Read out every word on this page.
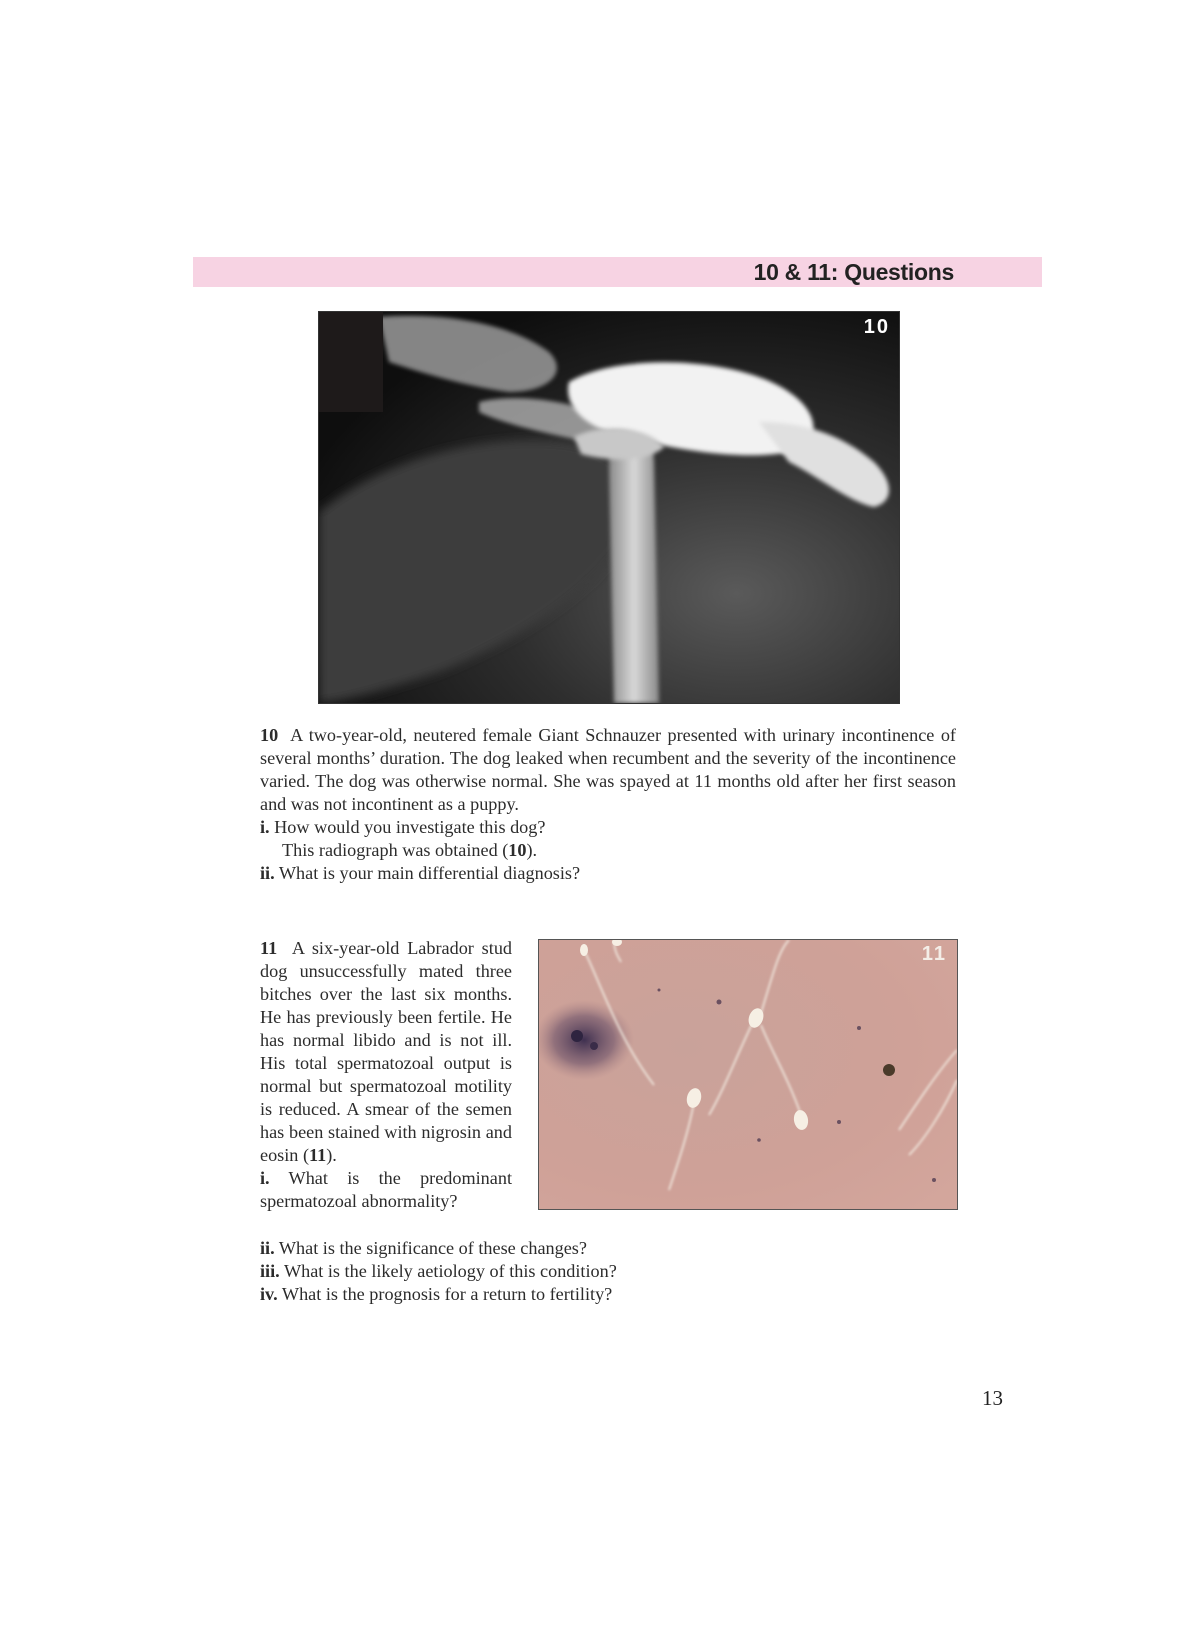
10 & 11: Questions
10

10 A two-year-old, neutered female Giant Schnauzer presented with urinary incontinence of several months’ duration. The dog leaked when recumbent and the severity of the incontinence varied. The dog was otherwise normal. She was spayed at 11 months old after her first season and was not incontinent as a puppy.

i. How would you investigate this dog?

This radiograph was obtained (10).

ii. What is your main differential diagnosis?

11

11 A six-year-old Labrador stud dog unsuccessfully mated three bitches over the last six months. He has previously been fertile. He has normal libido and is not ill. His total spermatozoal output is normal but spermatozoal motility is reduced. A smear of the semen has been stained with nigrosin and eosin (11).

i. What is the predominant spermatozoal abnormality?

ii. What is the significance of these changes?

iii. What is the likely aetiology of this condition?

iv. What is the prognosis for a return to fertility?

13
